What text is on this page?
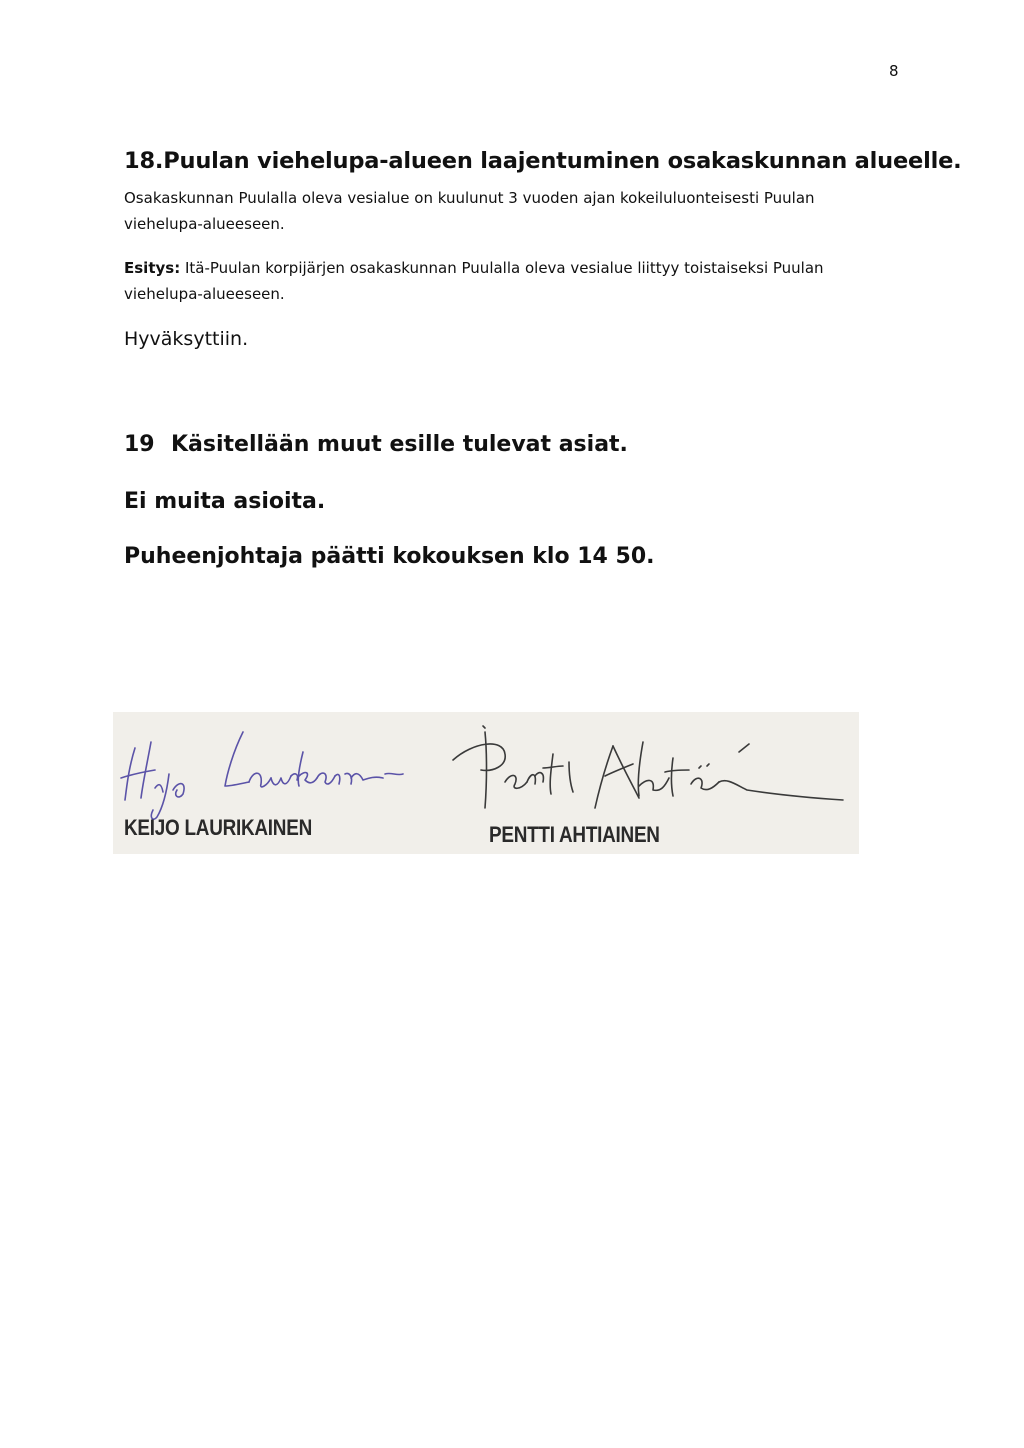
8
18.Puulan viehelupa-alueen laajentuminen osakaskunnan alueelle.
Osakaskunnan Puulalla oleva vesialue on kuulunut 3 vuoden ajan kokeiluluonteisesti Puulan viehelupa-alueeseen.
Esitys: Itä-Puulan korpijärjen osakaskunnan Puulalla oleva vesialue liittyy toistaiseksi Puulan viehelupa-alueeseen.
Hyväksyttiin.
19 Käsitellään muut esille tulevat asiat.
Ei muita asioita.
Puheenjohtaja päätti kokouksen klo 14 50.
KEIJO LAURIKAINEN	PENTTI AHTIAINEN
